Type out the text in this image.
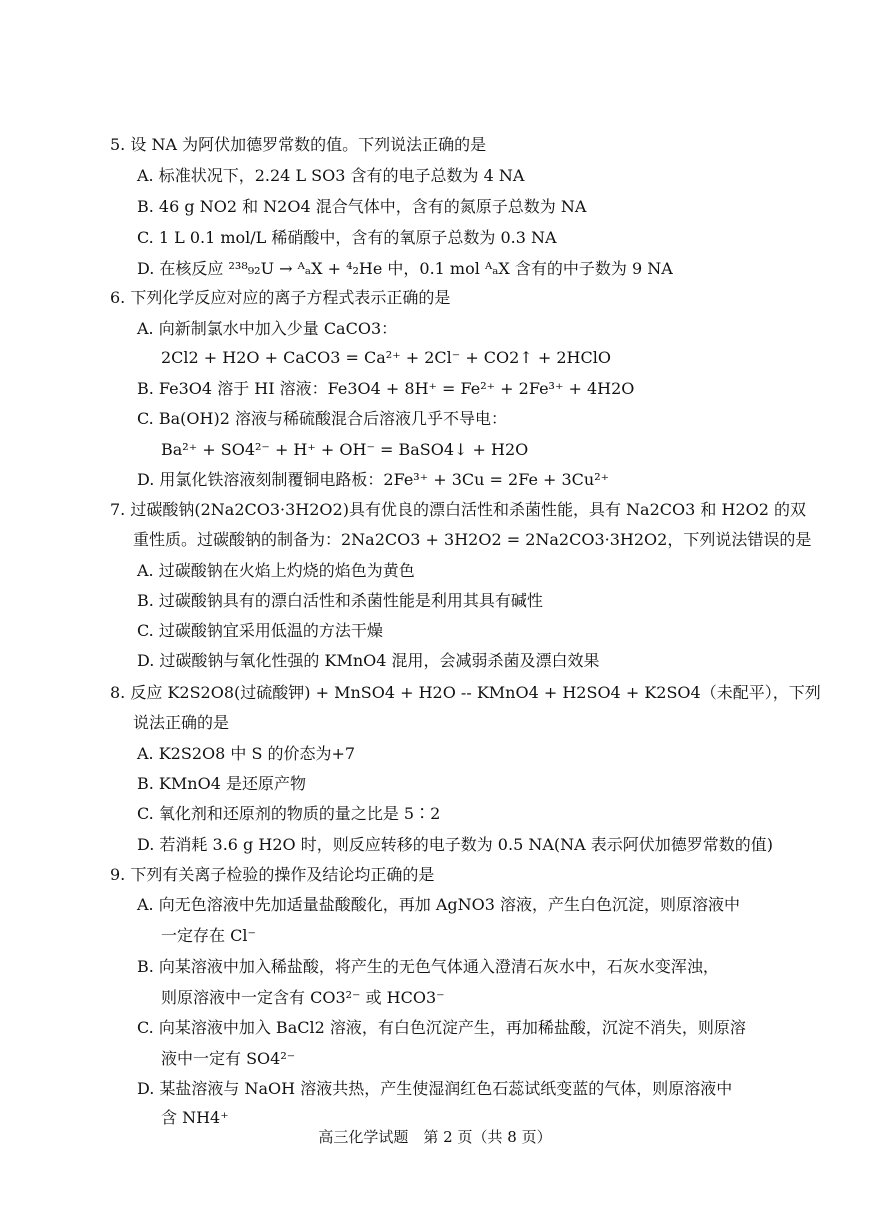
5. 设 NA 为阿伏加德罗常数的值。下列说法正确的是
A. 标准状况下，2.24 L SO3 含有的电子总数为 4 NA
B. 46 g NO2 和 N2O4 混合气体中，含有的氮原子总数为 NA
C. 1 L 0.1 mol/L 稀硝酸中，含有的氧原子总数为 0.3 NA
D. 在核反应 ²³⁸₉₂U → ᴬₐX + ⁴₂He 中，0.1 mol ᴬₐX 含有的中子数为 9 NA
6. 下列化学反应对应的离子方程式表示正确的是
A. 向新制氯水中加入少量 CaCO3：
2Cl2 + H2O + CaCO3 = Ca²⁺ + 2Cl⁻ + CO2↑ + 2HClO
B. Fe3O4 溶于 HI 溶液：Fe3O4 + 8H⁺ = Fe²⁺ + 2Fe³⁺ + 4H2O
C. Ba(OH)2 溶液与稀硫酸混合后溶液几乎不导电：
Ba²⁺ + SO4²⁻ + H⁺ + OH⁻ = BaSO4↓ + H2O
D. 用氯化铁溶液刻制覆铜电路板：2Fe³⁺ + 3Cu = 2Fe + 3Cu²⁺
7. 过碳酸钠(2Na2CO3·3H2O2)具有优良的漂白活性和杀菌性能，具有 Na2CO3 和 H2O2 的双
重性质。过碳酸钠的制备为：2Na2CO3 + 3H2O2 = 2Na2CO3·3H2O2，下列说法错误的是
A. 过碳酸钠在火焰上灼烧的焰色为黄色
B. 过碳酸钠具有的漂白活性和杀菌性能是利用其具有碱性
C. 过碳酸钠宜采用低温的方法干燥
D. 过碳酸钠与氧化性强的 KMnO4 混用，会减弱杀菌及漂白效果
8. 反应 K2S2O8(过硫酸钾) + MnSO4 + H2O -- KMnO4 + H2SO4 + K2SO4（未配平），下列
说法正确的是
A. K2S2O8 中 S 的价态为+7
B. KMnO4 是还原产物
C. 氧化剂和还原剂的物质的量之比是 5∶2
D. 若消耗 3.6 g H2O 时，则反应转移的电子数为 0.5 NA(NA 表示阿伏加德罗常数的值)
9. 下列有关离子检验的操作及结论均正确的是
A. 向无色溶液中先加适量盐酸酸化，再加 AgNO3 溶液，产生白色沉淀，则原溶液中
一定存在 Cl⁻
B. 向某溶液中加入稀盐酸，将产生的无色气体通入澄清石灰水中，石灰水变浑浊，
则原溶液中一定含有 CO3²⁻ 或 HCO3⁻
C. 向某溶液中加入 BaCl2 溶液，有白色沉淀产生，再加稀盐酸，沉淀不消失，则原溶
液中一定有 SO4²⁻
D. 某盐溶液与 NaOH 溶液共热，产生使湿润红色石蕊试纸变蓝的气体，则原溶液中
含 NH4⁺
高三化学试题　第 2 页（共 8 页）
